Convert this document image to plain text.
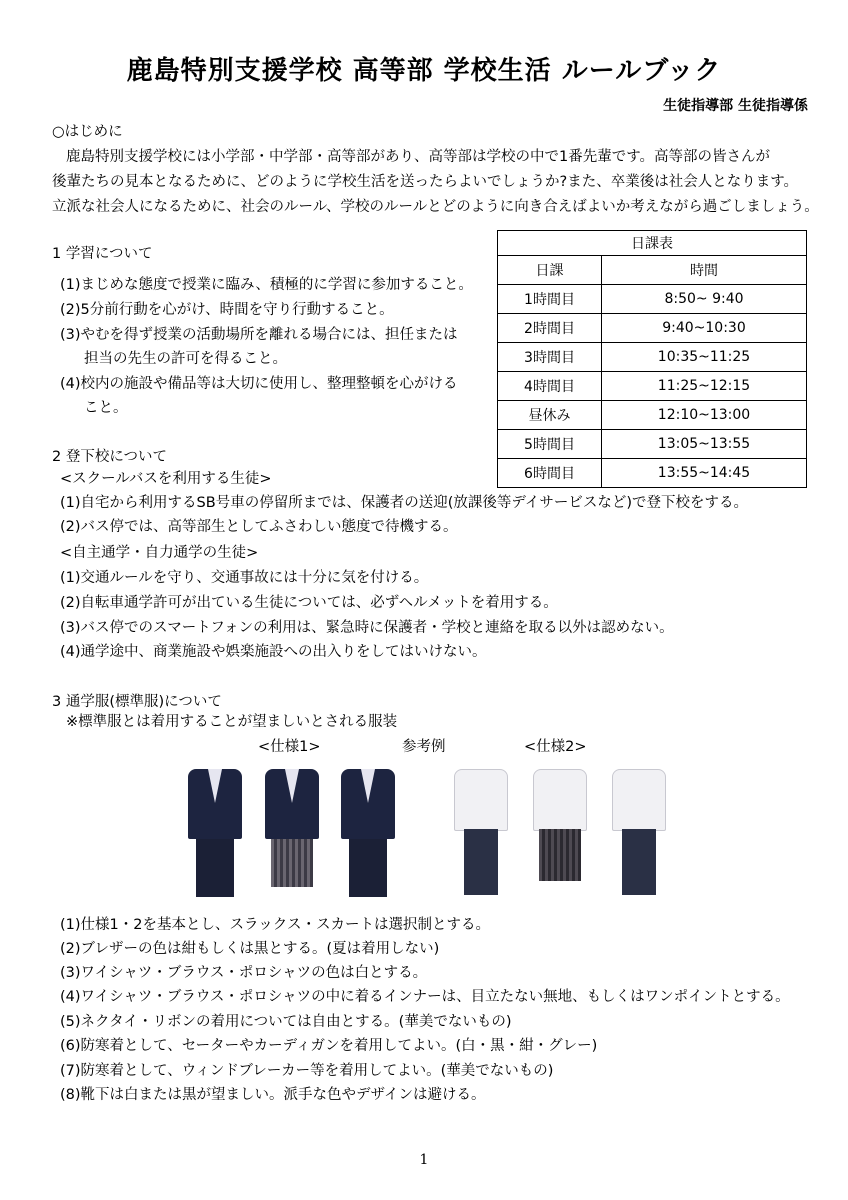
鹿島特別支援学校 高等部 学校生活 ルールブック
生徒指導部 生徒指導係
○はじめに
鹿島特別支援学校には小学部・中学部・高等部があり、高等部は学校の中で1番先輩です。高等部の皆さんが
後輩たちの見本となるために、どのように学校生活を送ったらよいでしょうか?また、卒業後は社会人となります。
立派な社会人になるために、社会のルール、学校のルールとどのように向き合えばよいか考えながら過ごしましょう。
1 学習について
(1)まじめな態度で授業に臨み、積極的に学習に参加すること。
(2)5分前行動を心がけ、時間を守り行動すること。
(3)やむを得ず授業の活動場所を離れる場合には、担任または
担当の先生の許可を得ること。
(4)校内の施設や備品等は大切に使用し、整理整頓を心がける
こと。
日課表	
日課	時間
1時間目	8:50~ 9:40
2時間目	9:40~10:30
3時間目	10:35~11:25
4時間目	11:25~12:15
昼休み	12:10~13:00
5時間目	13:05~13:55
6時間目	13:55~14:45
2 登下校について
<スクールバスを利用する生徒>
(1)自宅から利用するSB号車の停留所までは、保護者の送迎(放課後等デイサービスなど)で登下校をする。
(2)バス停では、高等部生としてふさわしい態度で待機する。
<自主通学・自力通学の生徒>
(1)交通ルールを守り、交通事故には十分に気を付ける。
(2)自転車通学許可が出ている生徒については、必ずヘルメットを着用する。
(3)バス停でのスマートフォンの利用は、緊急時に保護者・学校と連絡を取る以外は認めない。
(4)通学途中、商業施設や娯楽施設への出入りをしてはいけない。
3 通学服(標準服)について
※標準服とは着用することが望ましいとされる服装
<仕様1>	参考例	<仕様2>
(1)仕様1・2を基本とし、スラックス・スカートは選択制とする。
(2)ブレザーの色は紺もしくは黒とする。(夏は着用しない)
(3)ワイシャツ・ブラウス・ポロシャツの色は白とする。
(4)ワイシャツ・ブラウス・ポロシャツの中に着るインナーは、目立たない無地、もしくはワンポイントとする。
(5)ネクタイ・リボンの着用については自由とする。(華美でないもの)
(6)防寒着として、セーターやカーディガンを着用してよい。(白・黒・紺・グレー)
(7)防寒着として、ウィンドブレーカー等を着用してよい。(華美でないもの)
(8)靴下は白または黒が望ましい。派手な色やデザインは避ける。
1
